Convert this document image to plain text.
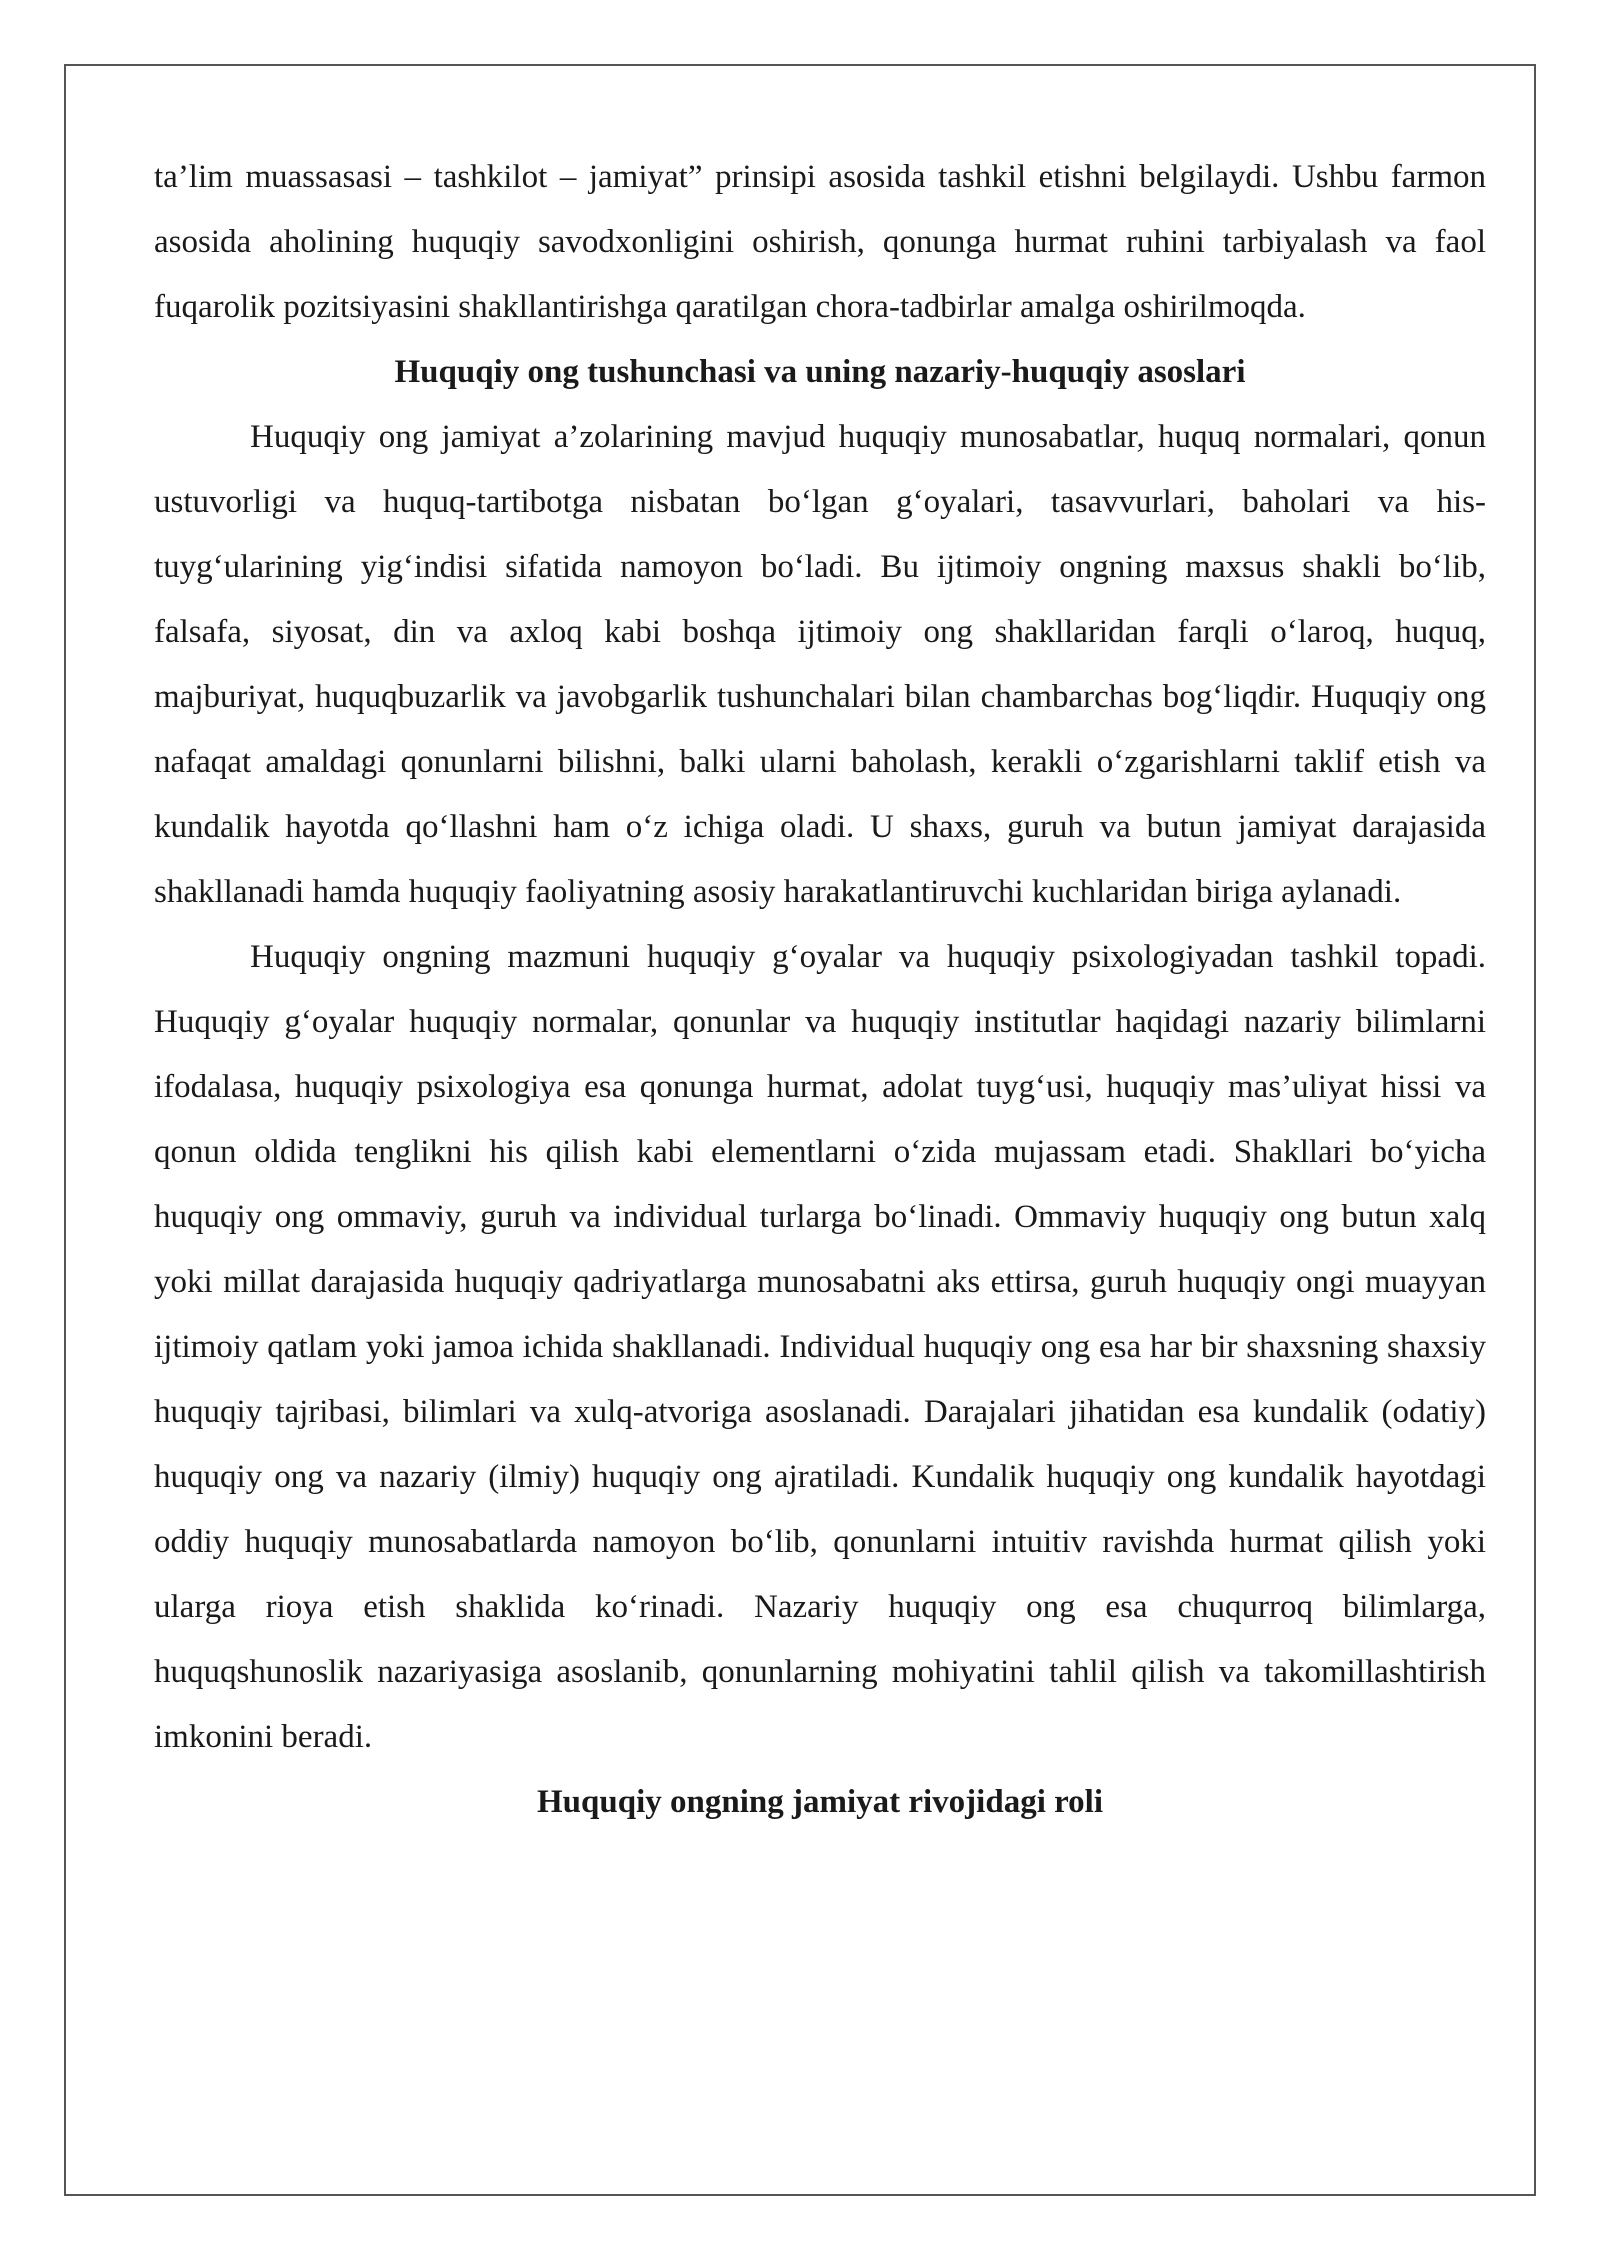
ta’lim muassasasi – tashkilot – jamiyat” prinsipi asosida tashkil etishni belgilaydi. Ushbu farmon asosida aholining huquqiy savodxonligini oshirish, qonunga hurmat ruhini tarbiyalash va faol fuqarolik pozitsiyasini shakllantirishga qaratilgan chora-tadbirlar amalga oshirilmoqda.

Huquqiy ong tushunchasi va uning nazariy-huquqiy asoslari

Huquqiy ong jamiyat a’zolarining mavjud huquqiy munosabatlar, huquq normalari, qonun ustuvorligi va huquq-tartibotga nisbatan boʻlgan gʻoyalari, tasavvurlari, baholari va his-tuygʻularining yigʻindisi sifatida namoyon boʻladi. Bu ijtimoiy ongning maxsus shakli boʻlib, falsafa, siyosat, din va axloq kabi boshqa ijtimoiy ong shakllaridan farqli oʻlaroq, huquq, majburiyat, huquqbuzarlik va javobgarlik tushunchalari bilan chambarchas bogʻliqdir. Huquqiy ong nafaqat amaldagi qonunlarni bilishni, balki ularni baholash, kerakli oʻzgarishlarni taklif etish va kundalik hayotda qoʻllashni ham oʻz ichiga oladi. U shaxs, guruh va butun jamiyat darajasida shakllanadi hamda huquqiy faoliyatning asosiy harakatlantiruvchi kuchlaridan biriga aylanadi.

Huquqiy ongning mazmuni huquqiy gʻoyalar va huquqiy psixologiyadan tashkil topadi. Huquqiy gʻoyalar huquqiy normalar, qonunlar va huquqiy institutlar haqidagi nazariy bilimlarni ifodalasa, huquqiy psixologiya esa qonunga hurmat, adolat tuygʻusi, huquqiy mas’uliyat hissi va qonun oldida tenglikni his qilish kabi elementlarni oʻzida mujassam etadi. Shakllari boʻyicha huquqiy ong ommaviy, guruh va individual turlarga boʻlinadi. Ommaviy huquqiy ong butun xalq yoki millat darajasida huquqiy qadriyatlarga munosabatni aks ettirsa, guruh huquqiy ongi muayyan ijtimoiy qatlam yoki jamoa ichida shakllanadi. Individual huquqiy ong esa har bir shaxsning shaxsiy huquqiy tajribasi, bilimlari va xulq-atvoriga asoslanadi. Darajalari jihatidan esa kundalik (odatiy) huquqiy ong va nazariy (ilmiy) huquqiy ong ajratiladi. Kundalik huquqiy ong kundalik hayotdagi oddiy huquqiy munosabatlarda namoyon boʻlib, qonunlarni intuitiv ravishda hurmat qilish yoki ularga rioya etish shaklida koʻrinadi. Nazariy huquqiy ong esa chuqurroq bilimlarga, huquqshunoslik nazariyasiga asoslanib, qonunlarning mohiyatini tahlil qilish va takomillashtirish imkonini beradi.

Huquqiy ongning jamiyat rivojidagi roli
